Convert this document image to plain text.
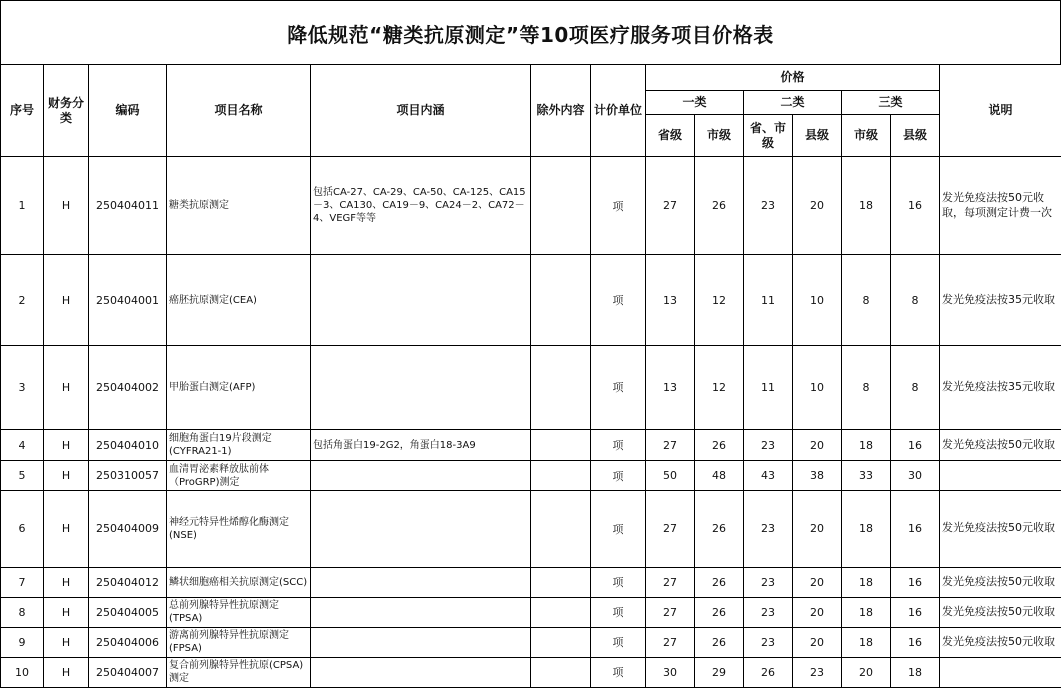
降低规范“糖类抗原测定”等10项医疗服务项目价格表
序号	财务分类	编码	项目名称	项目内涵	除外内容	计价单位	价格						说明
							一类		二类		三类		
							省级	市级	省、市级	县级	市级	县级	
1	H	250404011	糖类抗原测定	包括CA-27、CA-29、CA-50、CA-125、CA15－3、CA130、CA19－9、CA24－2、CA72－4、VEGF等等		项	27	26	23	20	18	16	发光免疫法按50元收取，每项测定计费一次
2	H	250404001	癌胚抗原测定(CEA)			项	13	12	11	10	8	8	发光免疫法按35元收取
3	H	250404002	甲胎蛋白测定(AFP)			项	13	12	11	10	8	8	发光免疫法按35元收取
4	H	250404010	细胞角蛋白19片段测定(CYFRA21-1)	包括角蛋白19-2G2，角蛋白18-3A9		项	27	26	23	20	18	16	发光免疫法按50元收取
5	H	250310057	血清胃泌素释放肽前体（ProGRP)测定			项	50	48	43	38	33	30	
6	H	250404009	神经元特异性烯醇化酶测定(NSE)			项	27	26	23	20	18	16	发光免疫法按50元收取
7	H	250404012	鳞状细胞癌相关抗原测定(SCC)			项	27	26	23	20	18	16	发光免疫法按50元收取
8	H	250404005	总前列腺特异性抗原测定(TPSA)			项	27	26	23	20	18	16	发光免疫法按50元收取
9	H	250404006	游离前列腺特异性抗原测定(FPSA)			项	27	26	23	20	18	16	发光免疫法按50元收取
10	H	250404007	复合前列腺特异性抗原(CPSA)测定			项	30	29	26	23	20	18	
